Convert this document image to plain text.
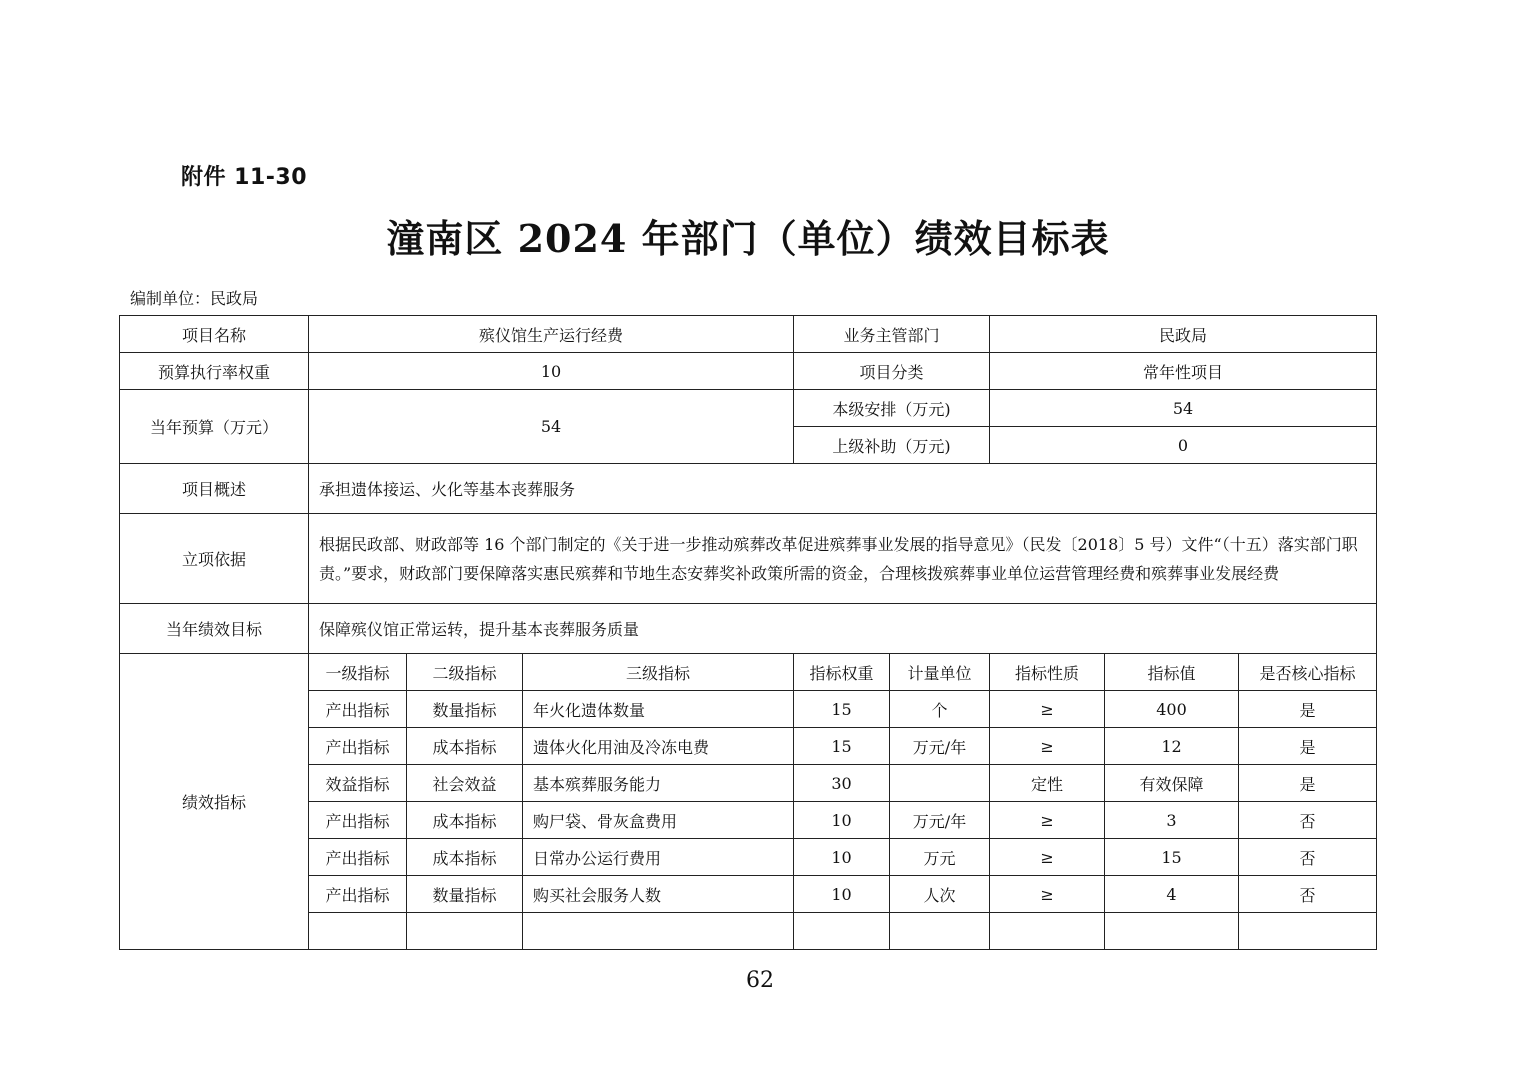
附件 11-30
潼南区 2024 年部门（单位）绩效目标表
编制单位：民政局
项目名称	殡仪馆生产运行经费			业务主管部门		民政局		
预算执行率权重	10			项目分类		常年性项目		
当年预算（万元）	54			本级安排（万元)		54		
				上级补助（万元)		0		
项目概述	承担遗体接运、火化等基本丧葬服务							
立项依据	根据民政部、财政部等 16 个部门制定的《关于进一步推动殡葬改革促进殡葬事业发展的指导意见》（民发〔2018〕5 号）文件“（十五）落实部门职责。”要求，财政部门要保障落实惠民殡葬和节地生态安葬奖补政策所需的资金，合理核拨殡葬事业单位运营管理经费和殡葬事业发展经费							
当年绩效目标	保障殡仪馆正常运转，提升基本丧葬服务质量							
绩效指标	一级指标	二级指标	三级指标	指标权重	计量单位	指标性质	指标值	是否核心指标
	产出指标	数量指标	年火化遗体数量	15	个	≥	400	是
	产出指标	成本指标	遗体火化用油及冷冻电费	15	万元/年	≥	12	是
	效益指标	社会效益	基本殡葬服务能力	30		定性	有效保障	是
	产出指标	成本指标	购尸袋、骨灰盒费用	10	万元/年	≥	3	否
	产出指标	成本指标	日常办公运行费用	10	万元	≥	15	否
	产出指标	数量指标	购买社会服务人数	10	人次	≥	4	否

62
